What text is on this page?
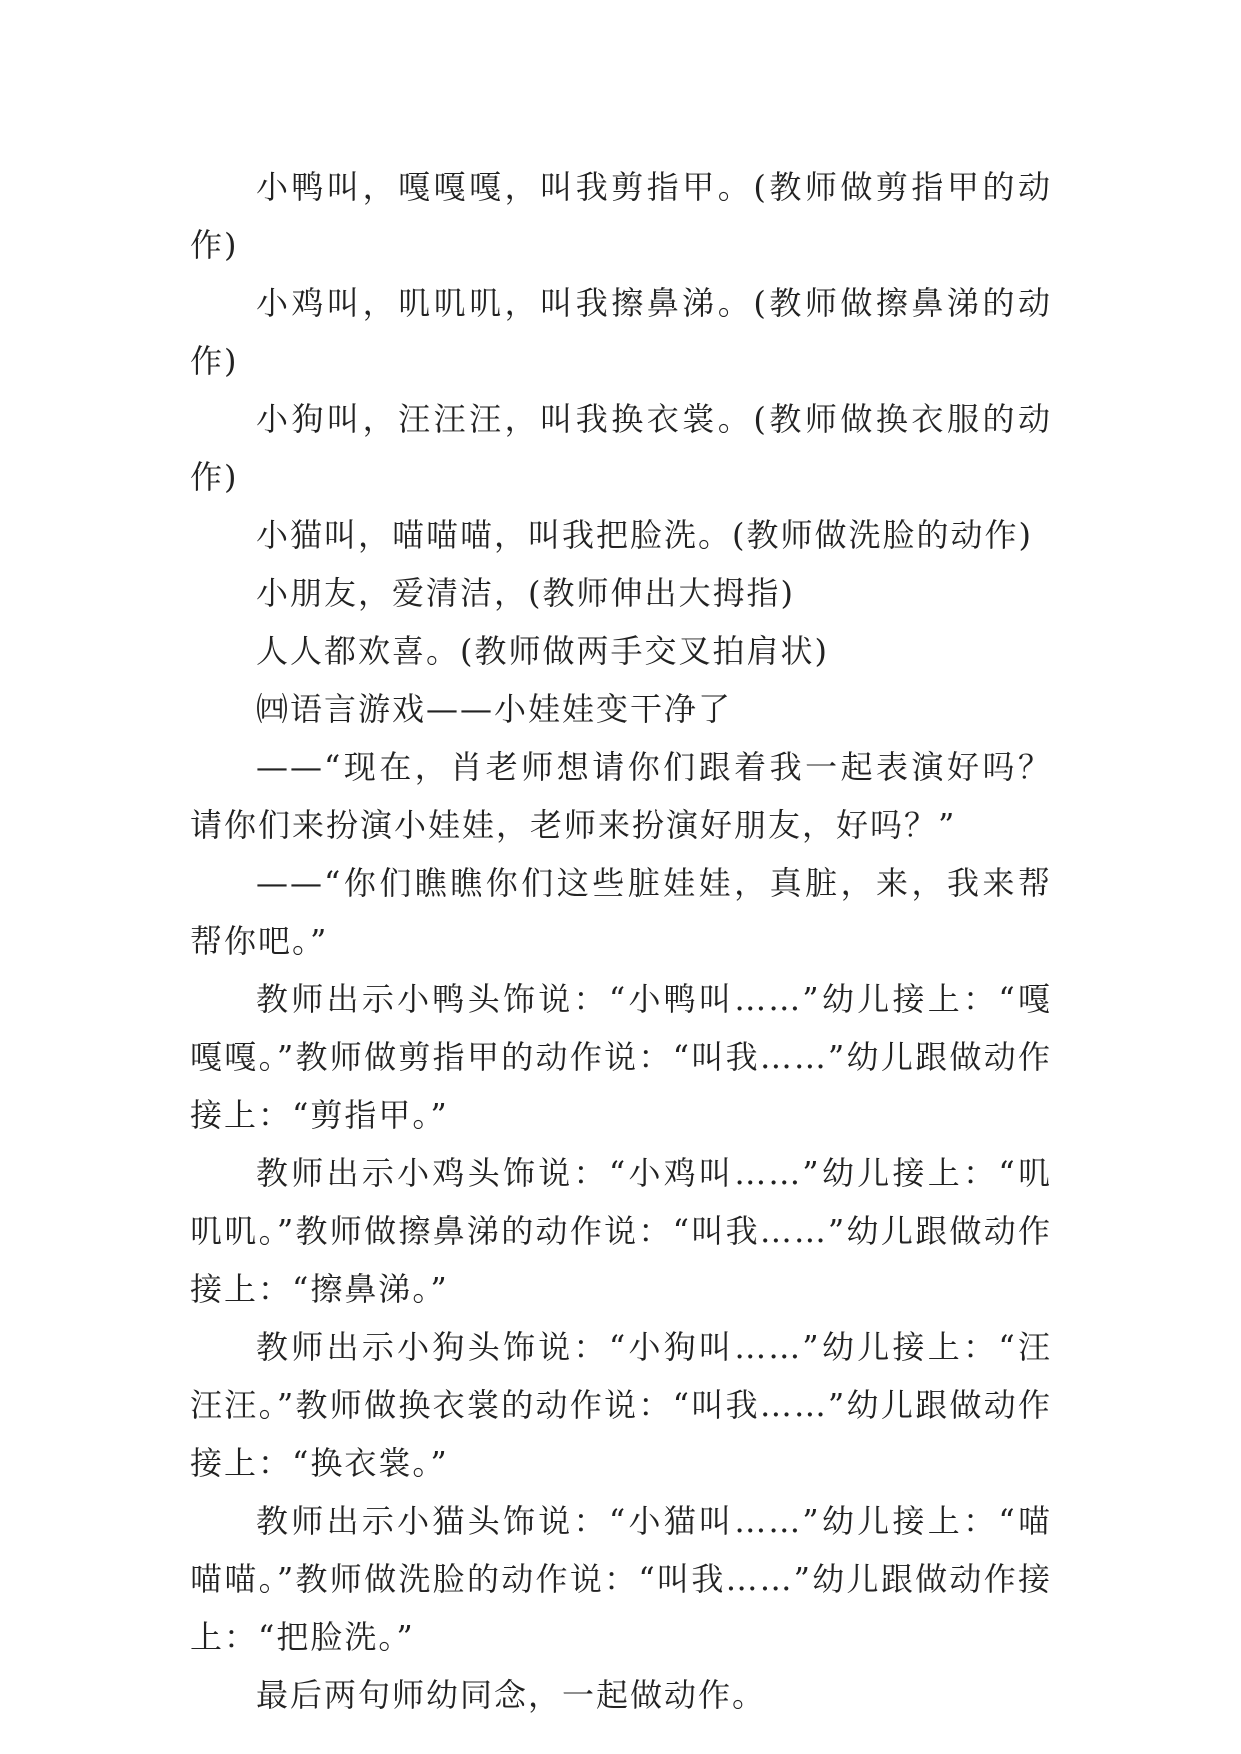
小鸭叫，嘎嘎嘎，叫我剪指甲。(教师做剪指甲的动作)

小鸡叫，叽叽叽，叫我擦鼻涕。(教师做擦鼻涕的动作)

小狗叫，汪汪汪，叫我换衣裳。(教师做换衣服的动作)

小猫叫，喵喵喵，叫我把脸洗。(教师做洗脸的动作)

小朋友，爱清洁，(教师伸出大拇指)

人人都欢喜。(教师做两手交叉拍肩状)

㈣语言游戏——小娃娃变干净了

——“现在，肖老师想请你们跟着我一起表演好吗？请你们来扮演小娃娃，老师来扮演好朋友，好吗？”

——“你们瞧瞧你们这些脏娃娃，真脏，来，我来帮帮你吧。”

教师出示小鸭头饰说：“小鸭叫……”幼儿接上：“嘎嘎嘎。”教师做剪指甲的动作说：“叫我……”幼儿跟做动作接上：“剪指甲。”

教师出示小鸡头饰说：“小鸡叫……”幼儿接上：“叽叽叽。”教师做擦鼻涕的动作说：“叫我……”幼儿跟做动作接上：“擦鼻涕。”

教师出示小狗头饰说：“小狗叫……”幼儿接上：“汪汪汪。”教师做换衣裳的动作说：“叫我……”幼儿跟做动作接上：“换衣裳。”

教师出示小猫头饰说：“小猫叫……”幼儿接上：“喵喵喵。”教师做洗脸的动作说：“叫我……”幼儿跟做动作接上：“把脸洗。”

最后两句师幼同念，一起做动作。
